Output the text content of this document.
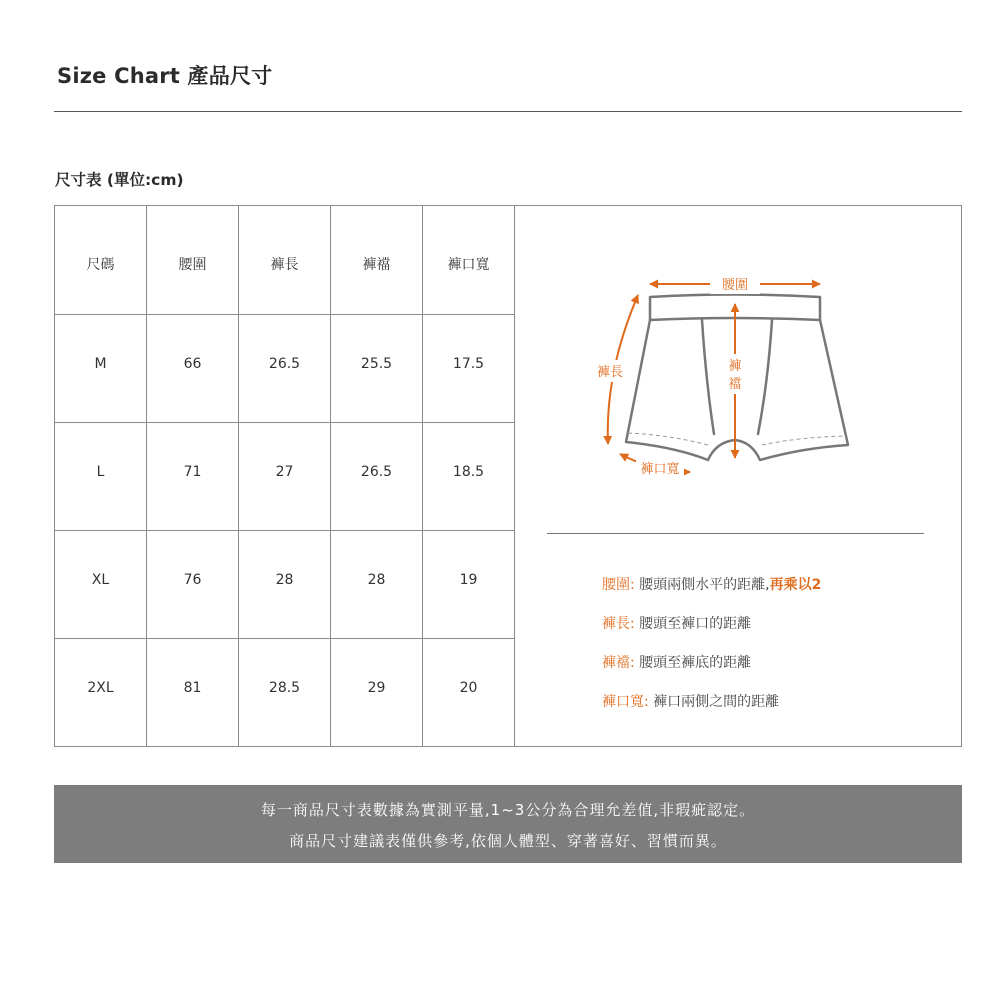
Size Chart 產品尺寸
尺寸表 (單位:cm)
尺碼	腰圍	褲長	褲襠	褲口寬
M	66	26.5	25.5	17.5
L	71	27	26.5	18.5
XL	76	28	28	19
2XL	81	28.5	29	20
腰圍
褲長	褲
襠
褲口寬
腰圍: 腰頭兩側水平的距離,再乘以2
褲長: 腰頭至褲口的距離
褲襠: 腰頭至褲底的距離
褲口寬: 褲口兩側之間的距離
每一商品尺寸表數據為實測平量,1~3公分為合理允差值,非瑕疵認定。
商品尺寸建議表僅供參考,依個人體型、穿著喜好、習慣而異。
